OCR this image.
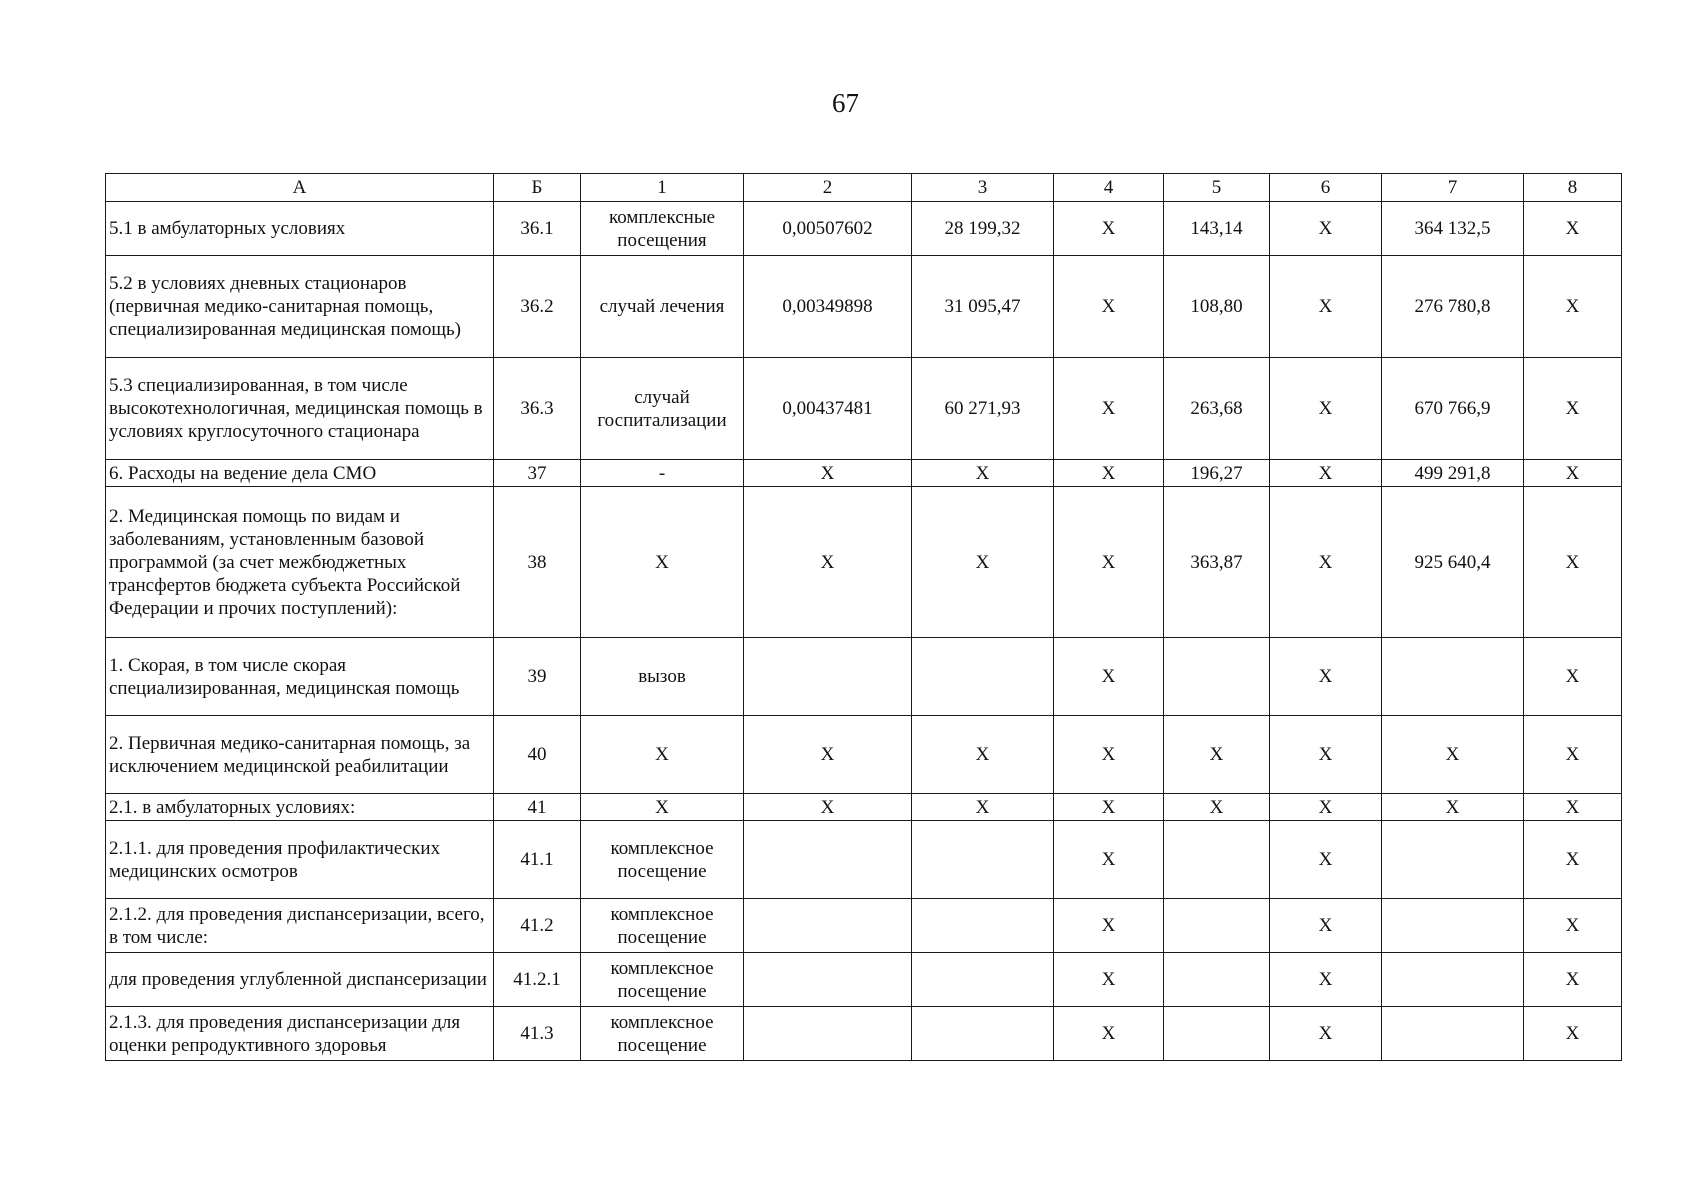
67
А	Б	1	2	3	4	5	6	7	8
5.1 в амбулаторных условиях	36.1	комплексные посещения	0,00507602	28 199,32	X	143,14	X	364 132,5	X
5.2 в условиях дневных стационаров (первичная медико-санитарная помощь, специализированная медицинская помощь)	36.2	случай лечения	0,00349898	31 095,47	X	108,80	X	276 780,8	X
5.3 специализированная, в том числе высокотехнологичная, медицинская помощь в условиях круглосуточного стационара	36.3	случай госпитализации	0,00437481	60 271,93	X	263,68	X	670 766,9	X
6. Расходы на ведение дела СМО	37	-	X	X	X	196,27	X	499 291,8	X
2. Медицинская помощь по видам и заболеваниям, установленным базовой программой (за счет межбюджетных трансфертов бюджета субъекта Российской Федерации и прочих поступлений):	38	X	X	X	X	363,87	X	925 640,4	X
1. Скорая, в том числе скорая специализированная, медицинская помощь	39	вызов			X		X		X
2. Первичная медико-санитарная помощь, за исключением медицинской реабилитации	40	X	X	X	X	X	X	X	X
2.1. в амбулаторных условиях:	41	X	X	X	X	X	X	X	X
2.1.1. для проведения профилактических медицинских осмотров	41.1	комплексное посещение			X		X		X
2.1.2. для проведения диспансеризации, всего, в том числе:	41.2	комплексное посещение			X		X		X
для проведения углубленной диспансеризации	41.2.1	комплексное посещение			X		X		X
2.1.3. для проведения диспансеризации для оценки репродуктивного здоровья	41.3	комплексное посещение			X		X		X
